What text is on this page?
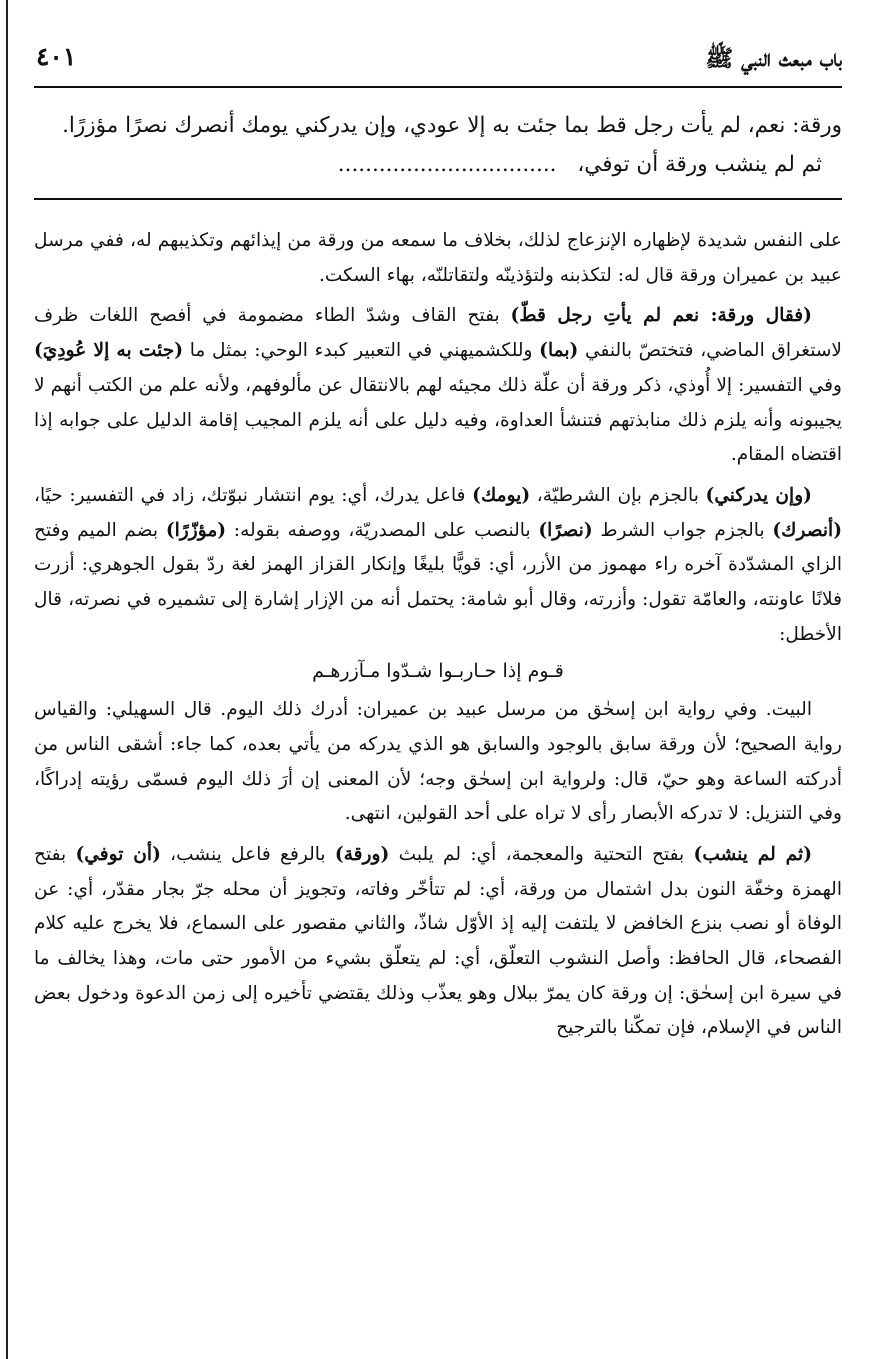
باب مبعث النبي ﷺ
٤٠١

ورقة: نعم، لم يأت رجل قط بما جئت به إلا عودي، وإن يدركني يومك أنصرك نصرًا مؤزرًا.

ثم لم ينشب ورقة أن توفي، ................................

على النفس شديدة لإظهاره الإنزعاج لذلك، بخلاف ما سمعه من ورقة من إيذائهم وتكذيبهم له، ففي مرسل عبيد بن عميران ورقة قال له: لتكذبنه ولتؤذينّه ولتقاتلنّه، بهاء السكت.

(فقال ورقة: نعم لم يأتِ رجل قطّ) بفتح القاف وشدّ الطاء مضمومة في أفصح اللغات ظرف لاستغراق الماضي، فتختصّ بالنفي (بما) وللكشميهني في التعبير كبدء الوحي: بمثل ما (جئت به إلا عُودِيَ) وفي التفسير: إلا أُوذي، ذكر ورقة أن علّة ذلك مجيئه لهم بالانتقال عن مألوفهم، ولأنه علم من الكتب أنهم لا يجيبونه وأنه يلزم ذلك منابذتهم فتنشأ العداوة، وفيه دليل على أنه يلزم المجيب إقامة الدليل على جوابه إذا اقتضاه المقام.

(وإن يدركني) بالجزم بإن الشرطيّة، (يومك) فاعل يدرك، أي: يوم انتشار نبوّتك، زاد في التفسير: حيًا، (أنصرك) بالجزم جواب الشرط (نصرًا) بالنصب على المصدريّة، ووصفه بقوله: (مؤزّرًا) بضم الميم وفتح الزاي المشدّدة آخره راء مهموز من الأزر، أي: قويًّا بليغًا وإنكار القزاز الهمز لغة ردّ بقول الجوهري: أزرت فلانًا عاونته، والعامّة تقول: وأزرته، وقال أبو شامة: يحتمل أنه من الإزار إشارة إلى تشميره في نصرته، قال الأخطل:

قـوم إذا حـاربـوا شـدّوا مـآزرهـم

البيت. وفي رواية ابن إسحٰق من مرسل عبيد بن عميران: أدرك ذلك اليوم. قال السهيلي: والقياس رواية الصحيح؛ لأن ورقة سابق بالوجود والسابق هو الذي يدركه من يأتي بعده، كما جاء: أشقى الناس من أدركته الساعة وهو حيّ، قال: ولرواية ابن إسحٰق وجه؛ لأن المعنى إن أرَ ذلك اليوم فسمّى رؤيته إدراكًا، وفي التنزيل: لا تدركه الأبصار رأى لا تراه على أحد القولين، انتهى.

(ثم لم ينشب) بفتح التحتية والمعجمة، أي: لم يلبث (ورقة) بالرفع فاعل ينشب، (أن توفي) بفتح الهمزة وخفّة النون بدل اشتمال من ورقة، أي: لم تتأخّر وفاته، وتجويز أن محله جرّ بجار مقدّر، أي: عن الوفاة أو نصب بنزع الخافض لا يلتفت إليه إذ الأوّل شاذّ، والثاني مقصور على السماع، فلا يخرج عليه كلام الفصحاء، قال الحافظ: وأصل النشوب التعلّق، أي: لم يتعلّق بشيء من الأمور حتى مات، وهذا يخالف ما في سيرة ابن إسحٰق: إن ورقة كان يمرّ ببلال وهو يعذّب وذلك يقتضي تأخيره إلى زمن الدعوة ودخول بعض الناس في الإسلام، فإن تمكّنا بالترجيح
